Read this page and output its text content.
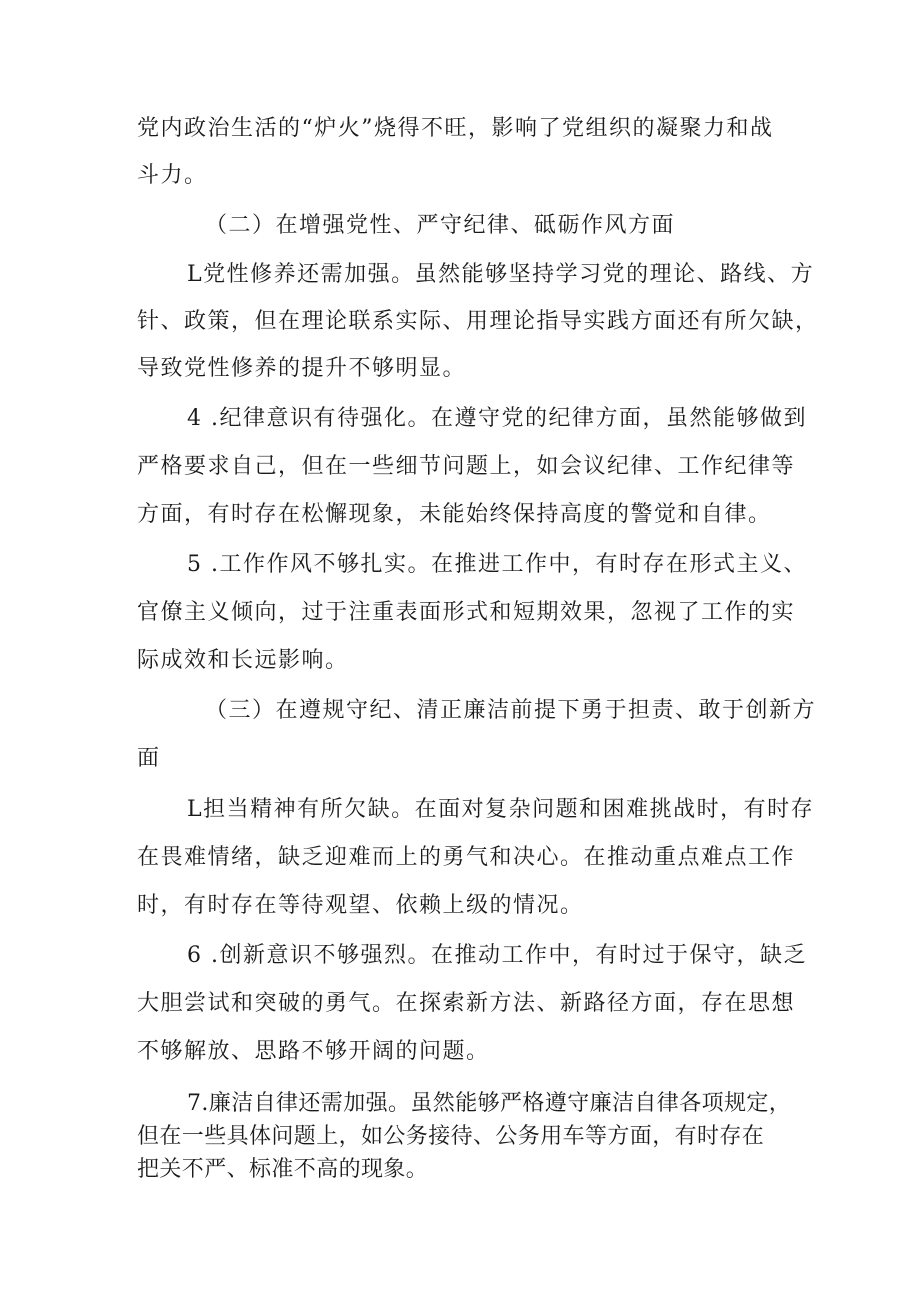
党内政治生活的“炉火”烧得不旺，影响了党组织的凝聚力和战
斗力。
（二）在增强党性、严守纪律、砥砺作风方面
L党性修养还需加强。虽然能够坚持学习党的理论、路线、方
针、政策，但在理论联系实际、用理论指导实践方面还有所欠缺，
导致党性修养的提升不够明显。
4 .纪律意识有待强化。在遵守党的纪律方面，虽然能够做到
严格要求自己，但在一些细节问题上，如会议纪律、工作纪律等
方面，有时存在松懈现象，未能始终保持高度的警觉和自律。
5 .工作作风不够扎实。在推进工作中，有时存在形式主义、
官僚主义倾向，过于注重表面形式和短期效果，忽视了工作的实
际成效和长远影响。
（三）在遵规守纪、清正廉洁前提下勇于担责、敢于创新方
面
L担当精神有所欠缺。在面对复杂问题和困难挑战时，有时存
在畏难情绪，缺乏迎难而上的勇气和决心。在推动重点难点工作
时，有时存在等待观望、依赖上级的情况。
6 .创新意识不够强烈。在推动工作中，有时过于保守，缺乏
大胆尝试和突破的勇气。在探索新方法、新路径方面，存在思想
不够解放、思路不够开阔的问题。
7.廉洁自律还需加强。虽然能够严格遵守廉洁自律各项规定，
但在一些具体问题上，如公务接待、公务用车等方面，有时存在
把关不严、标准不高的现象。
